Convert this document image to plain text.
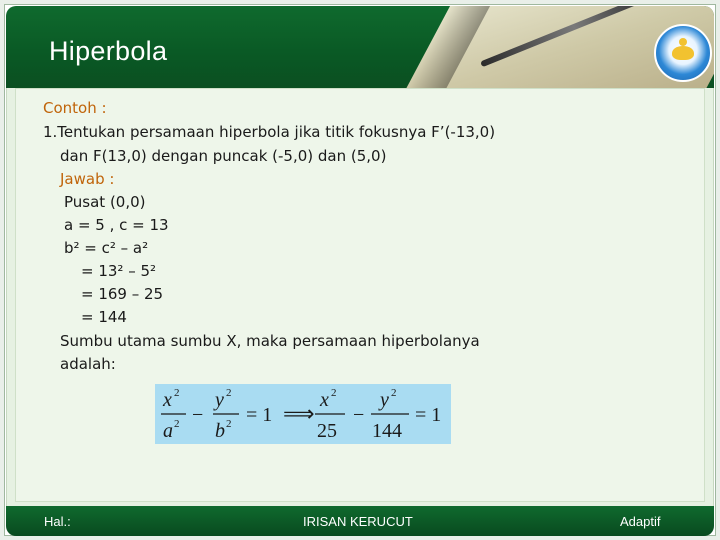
Hiperbola
Contoh :
1.Tentukan persamaan hiperbola jika titik fokusnya F’(-13,0)
dan F(13,0) dengan puncak (-5,0) dan (5,0)
Jawab :
Pusat (0,0)
a = 5 , c = 13
b² = c² – a²
= 13² – 5²
= 169 – 25
= 144
Sumbu utama sumbu X, maka persamaan hiperbolanya
adalah:
x 2
a 2 −
y 2
b 2 = 1 ⟹
x 2
25
−
y 2
144
= 1
Hal.:	IRISAN KERUCUT	Adaptif
